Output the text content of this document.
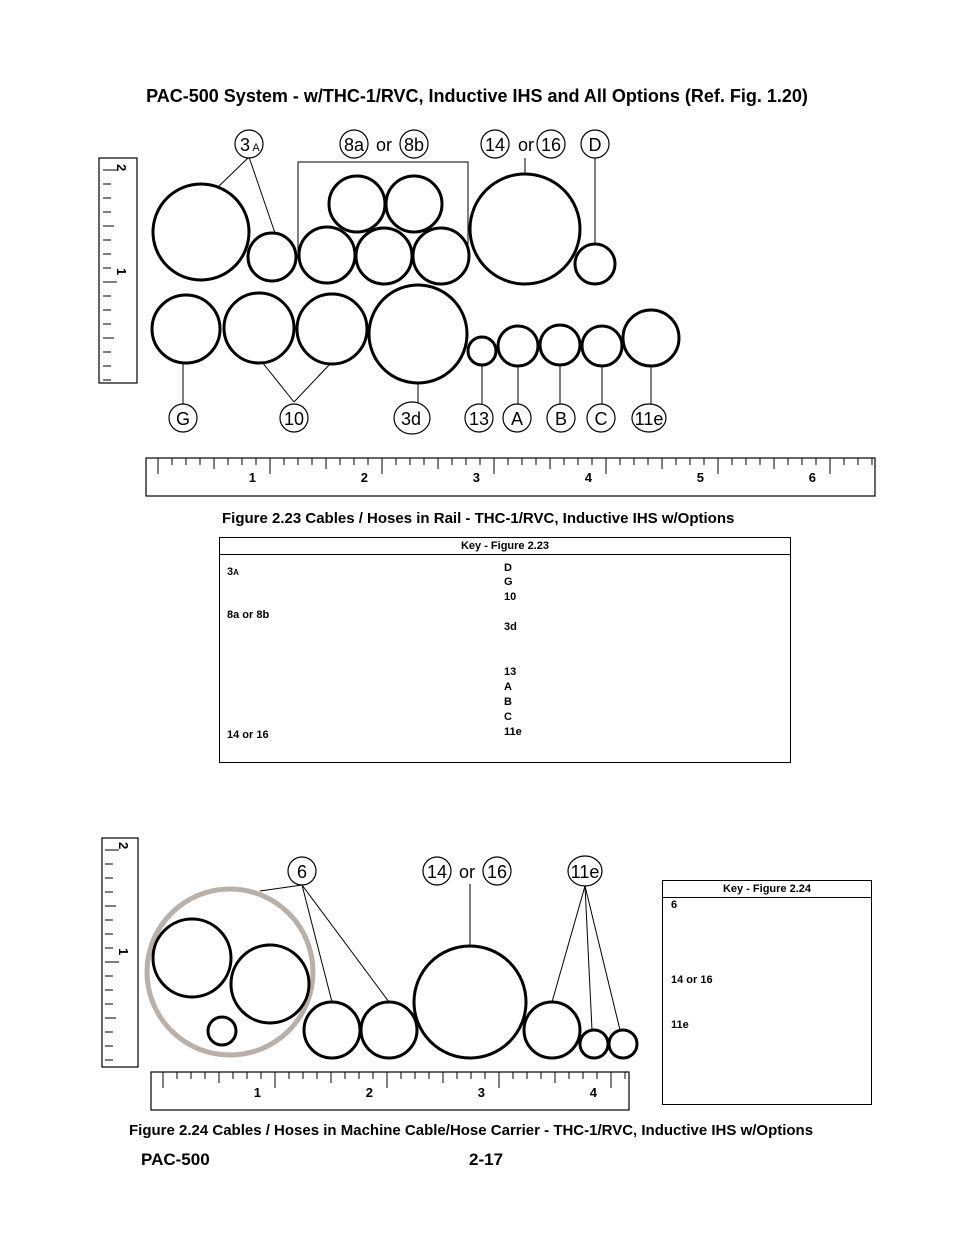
PAC-500 System - w/THC-1/RVC, Inductive IHS and All Options (Ref. Fig. 1.20)
2
1
3 A	8a or 8b	14 or 16 D
G	10	3d	13 A B C 11e
1	2	3	4	5	6
Figure 2.23 Cables / Hoses in Rail - THC-1/RVC, Inductive IHS w/Options
Key - Figure 2.23
3A
8a or 8b
14 or 16
D
G
10
3d
13
A
B
C
11e
2
1
6	14 or 16	11e
1	2	3	4
Key - Figure 2.24
6
14 or 16
11e
Figure 2.24 Cables / Hoses in Machine Cable/Hose Carrier - THC-1/RVC, Inductive IHS w/Options
PAC-500	2-17
